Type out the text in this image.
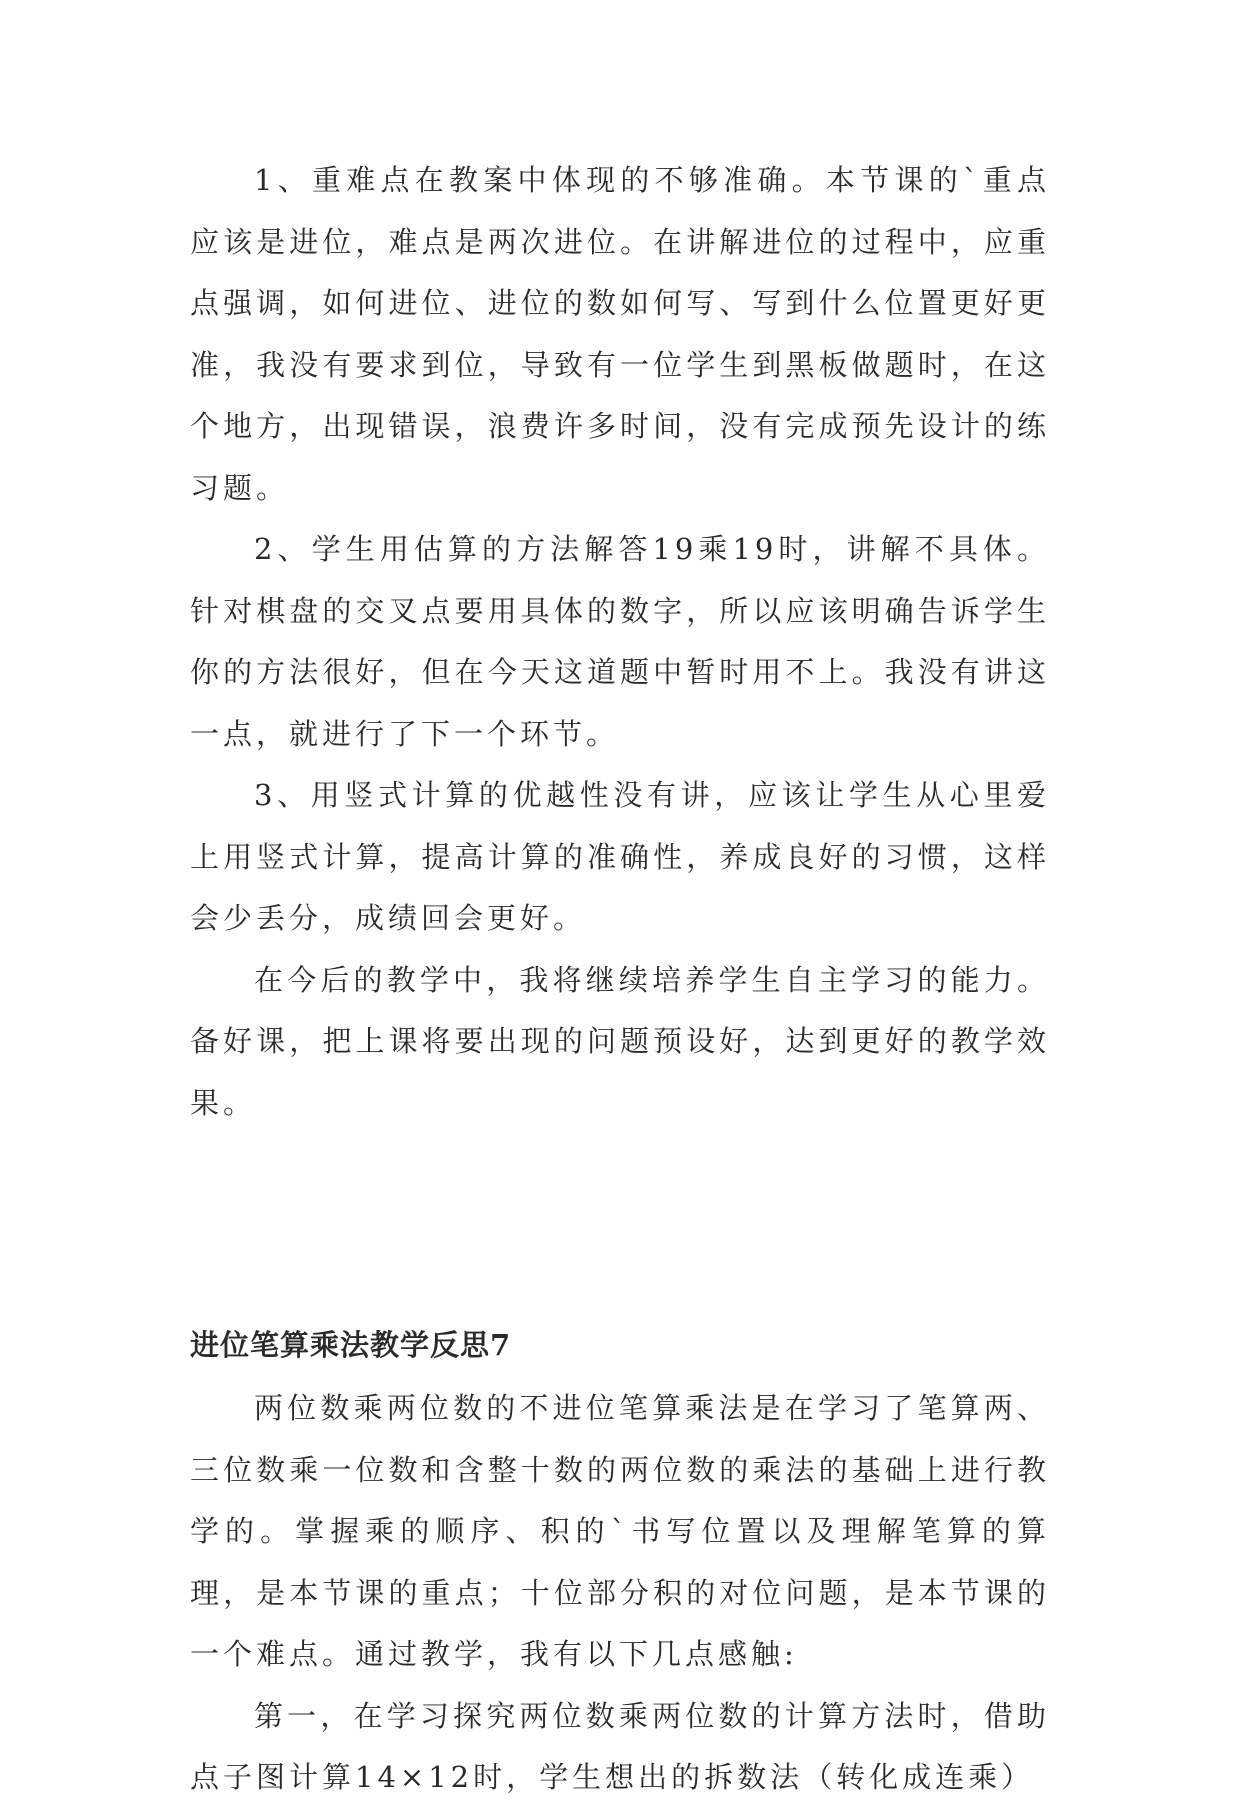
1、重难点在教案中体现的不够准确。本节课的`重点应该是进位，难点是两次进位。在讲解进位的过程中，应重点强调，如何进位、进位的数如何写、写到什么位置更好更准，我没有要求到位，导致有一位学生到黑板做题时，在这个地方，出现错误，浪费许多时间，没有完成预先设计的练习题。

2、学生用估算的方法解答19乘19时，讲解不具体。针对棋盘的交叉点要用具体的数字，所以应该明确告诉学生你的方法很好，但在今天这道题中暂时用不上。我没有讲这一点，就进行了下一个环节。

3、用竖式计算的优越性没有讲，应该让学生从心里爱上用竖式计算，提高计算的准确性，养成良好的习惯，这样会少丢分，成绩回会更好。

在今后的教学中，我将继续培养学生自主学习的能力。备好课，把上课将要出现的问题预设好，达到更好的教学效果。

进位笔算乘法教学反思7

两位数乘两位数的不进位笔算乘法是在学习了笔算两、三位数乘一位数和含整十数的两位数的乘法的基础上进行教学的。掌握乘的顺序、积的`书写位置以及理解笔算的算理，是本节课的重点；十位部分积的对位问题，是本节课的一个难点。通过教学，我有以下几点感触:

第一，在学习探究两位数乘两位数的计算方法时，借助点子图计算14×12时，学生想出的拆数法（转化成连乘）
